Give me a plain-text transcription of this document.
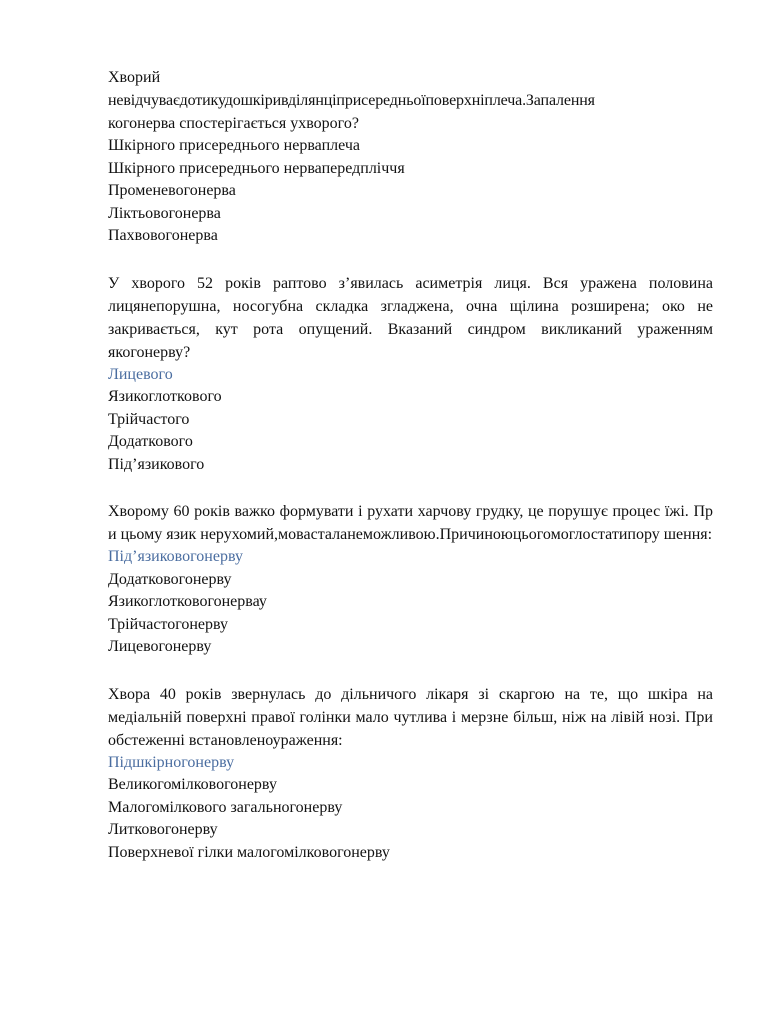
Хворий
невідчуваєдотикудошкіривділянціприсередньоїповерхніплеча.Запалення
когонерва спостерігається ухворого?

Шкірного присереднього нерваплеча

Шкірного присереднього нервапередпліччя

Променевогонерва

Ліктьовогонерва

Пахвовогонерва

У хворого 52 років раптово з’явилась асиметрія лиця. Вся уражена половина лицянепорушна, носогубна складка згладжена, очна щілина розширена; око не закривається, кут рота опущений. Вказаний синдром викликаний ураженням якогонерву?

Лицевого

Язикоглоткового

Трійчастого

Додаткового

Під’язикового

Хворому 60 років важко формувати і рухати харчову грудку, це порушує процес їжі. При цьому язик нерухомий,мовасталанеможливою.Причиноюцьогомоглостатипору шення:

Під’язиковогонерву

Додатковогонерву

Язикоглотковогонервау

Трійчастогонерву

Лицевогонерву

Хвора 40 років звернулась до дільничого лікаря зі скаргою на те, що шкіра на медіальній поверхні правої голінки мало чутлива і мерзне більш, ніж на лівій нозі. При обстеженні встановленоураження:

Підшкірногонерву

Великогомілковогонерву

Малогомілкового загальногонерву

Литковогонерву

Поверхневої гілки малогомілковогонерву
